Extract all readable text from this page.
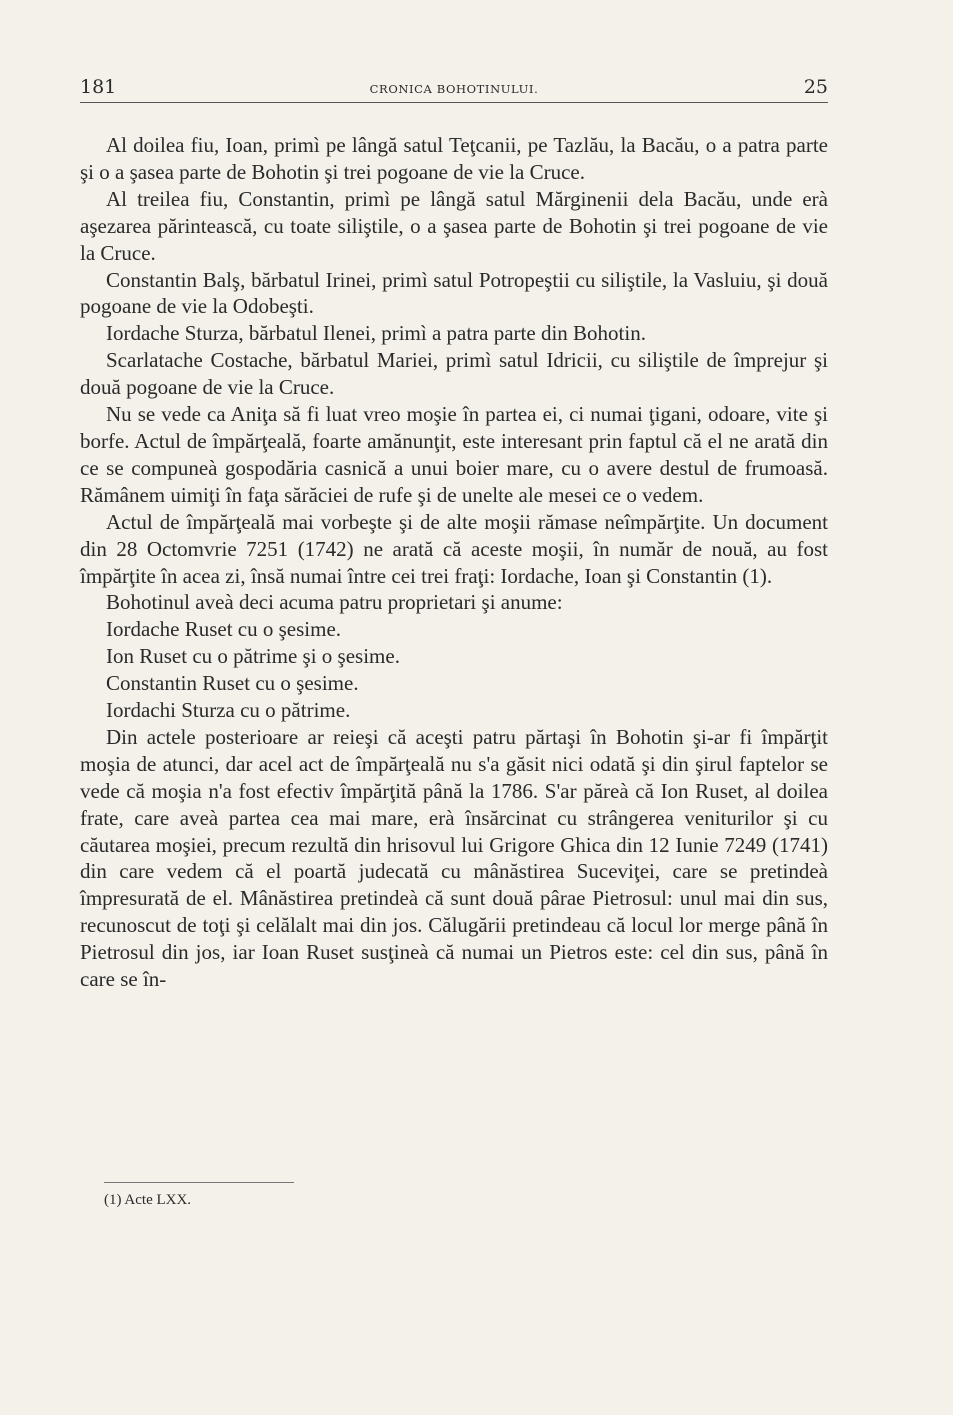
181	CRONICA BOHOTINULUI.	25

Al doilea fiu, Ioan, primì pe lângă satul Teţcanii, pe Tazlău, la Bacău, o a patra parte şi o a şasea parte de Bohotin şi trei pogoane de vie la Cruce.

Al treilea fiu, Constantin, primì pe lângă satul Mărginenii dela Bacău, unde erà aşezarea părintească, cu toate siliştile, o a şasea parte de Bohotin şi trei pogoane de vie la Cruce.

Constantin Balş, bărbatul Irinei, primì satul Potropeştii cu siliştile, la Vasluiu, şi două pogoane de vie la Odobeşti.

Iordache Sturza, bărbatul Ilenei, primì a patra parte din Bohotin.

Scarlatache Costache, bărbatul Mariei, primì satul Idricii, cu siliştile de împrejur şi două pogoane de vie la Cruce.

Nu se vede ca Aniţa să fi luat vreo moşie în partea ei, ci numai ţigani, odoare, vite şi borfe. Actul de împărţeală, foarte amănunţit, este interesant prin faptul că el ne arată din ce se compuneà gospodăria casnică a unui boier mare, cu o avere destul de frumoasă. Rămânem uimiţi în faţa sărăciei de rufe şi de unelte ale mesei ce o vedem.

Actul de împărţeală mai vorbeşte şi de alte moşii rămase neîmpărţite. Un document din 28 Octomvrie 7251 (1742) ne arată că aceste moşii, în număr de nouă, au fost împărţite în acea zi, însă numai între cei trei fraţi: Iordache, Ioan şi Constantin (1).

Bohotinul aveà deci acuma patru proprietari şi anume:

Iordache Ruset cu o şesime.

Ion Ruset cu o pătrime şi o şesime.

Constantin Ruset cu o şesime.

Iordachi Sturza cu o pătrime.

Din actele posterioare ar reieşi că aceşti patru părtaşi în Bohotin şi-ar fi împărţit moşia de atunci, dar acel act de împărţeală nu s'a găsit nici odată şi din şirul faptelor se vede că moşia n'a fost efectiv împărţită până la 1786. S'ar păreà că Ion Ruset, al doilea frate, care aveà partea cea mai mare, erà însărcinat cu strângerea veniturilor şi cu căutarea moşiei, precum rezultă din hrisovul lui Grigore Ghica din 12 Iunie 7249 (1741) din care vedem că el poartă judecată cu mânăstirea Suceviţei, care se pretindeà împresurată de el. Mânăstirea pretindeà că sunt două pârae Pietrosul: unul mai din sus, recunoscut de toţi şi celălalt mai din jos. Călugării pretindeau că locul lor merge până în Pietrosul din jos, iar Ioan Ruset susţineà că numai un Pietros este: cel din sus, până în care se în-

(1) Acte LXX.
